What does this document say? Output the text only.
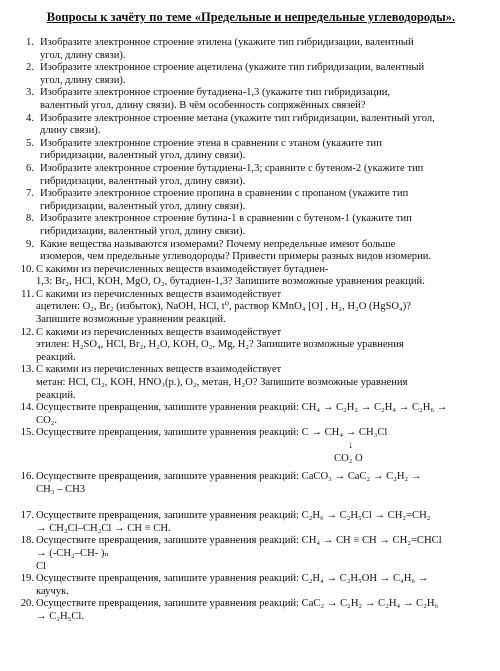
Вопросы к зачёту по теме «Предельные и непредельные углеводороды».
1. Изобразите электронное строение этилена (укажите тип гибридизации, валентный
угол, длину связи).
2. Изобразите электронное строение ацетилена (укажите тип гибридизации, валентный
угол, длину связи).
3. Изобразите электронное строение бутадиена-1,3 (укажите тип гибридизации,
валентный угол, длину связи). В чём особенность сопряжённых связей?
4. Изобразите электронное строение метана (укажите тип гибридизации, валентный угол,
длину связи).
5. Изобразите электронное строение этена в сравнении с этаном (укажите тип
гибридизации, валентный угол, длину связи).
6. Изобразите электронное строение бутадиена-1,3; сравните с бутеном-2 (укажите тип
гибридизации, валентный угол, длину связи).
7. Изобразите электронное строение пропина в сравнении с пропаном (укажите тип
гибридизации, валентный угол, длину связи).
8. Изобразите электронное строение бутина-1 в сравнении с бутеном-1 (укажите тип
гибридизации, валентный угол, длину связи).
9. Какие вещества называются изомерами? Почему непредельные имеют больше
изомеров, чем предельные углеводороды? Привести примеры разных видов изомерии.
10. С какими из перечисленных веществ взаимодействует бутадиен-
1,3: Br₂, HCl, KOH, MgO, O₂, бутадиен-1,3? Запишите возможные уравнения реакций.
11. С какими из перечисленных веществ взаимодействует
ацетилен: O₂, Br₂ (избыток), NaOH, HCl, t⁰, раствор KMnO₄ [O] , H₂, H₂O (HgSO₄)?
Запишите возможные уравнения реакций.
12. С какими из перечисленных веществ взаимодействует
этилен: H₂SO₄, HCl, Br₂, H₂O, KOH, O₂, Mg, H₂? Запишите возможные уравнения
реакций.
13. С какими из перечисленных веществ взаимодействует
метан: HCl, Cl₂, KOH, HNO₃(р.), O₂, метан, H₂O? Запишите возможные уравнения
реакций.
14. Осуществите превращения, запишите уравнения реакций: CH₄ → C₂H₂ → C₂H₄ → C₂H₆ →
CO₂.
15. Осуществите превращения, запишите уравнения реакций: C → CH₄ → CH₃Cl
↓
CO₂ O
16. Осуществите превращения, запишите уравнения реакций: CaCO₃ → CaC₂ → C₂H₂ →
CH₃ – CH3
17. Осуществите превращения, запишите уравнения реакций: C₂H₆ → C₂H₅Cl → CH₂=CH₂
→ CH₂Cl–CH₂Cl → CH ≡ CH.
18. Осуществите превращения, запишите уравнения реакций: CH₄ → CH ≡ CH → CH₂=CHCl
→ (-CH₂–CH- )ₙ
Cl
19. Осуществите превращения, запишите уравнения реакций: C₂H₄ → C₂H₅OH → C₄H₆ →
каучук.
20. Осуществите превращения, запишите уравнения реакций: CaC₂ → C₂H₂ → C₂H₄ → C₂H₆
→ C₂H₅Cl.
